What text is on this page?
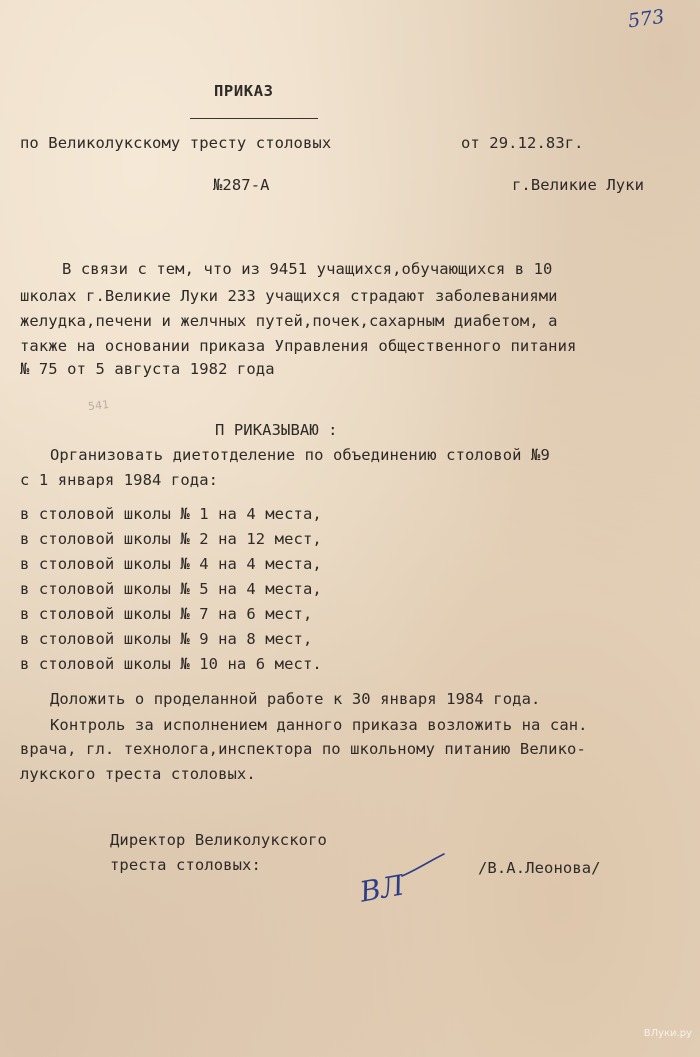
573
ПРИКАЗ
по Великолукскому тресту столовых	от 29.12.83г.
№287-А	г.Великие Луки
В связи с тем, что из 9451 учащихся,обучающихся в 10
школах г.Великие Луки 233 учащихся страдают заболеваниями
желудка,печени и желчных путей,почек,сахарным диабетом, а
также на основании приказа Управления общественного питания
№ 75 от 5 августа 1982 года
541
П РИКАЗЫВАЮ :
Организовать диетотделение по объединению столовой №9
с 1 января 1984 года:
в столовой школы № 1 на 4 места,
в столовой школы № 2 на 12 мест,
в столовой школы № 4 на 4 места,
в столовой школы № 5 на 4 места,
в столовой школы № 7 на 6 мест,
в столовой школы № 9 на 8 мест,
в столовой школы № 10 на 6 мест.
Доложить о проделанной работе к 30 января 1984 года.
Контроль за исполнением данного приказа возложить на сан.
врача, гл. технолога,инспектора по школьному питанию Велико-
лукского треста столовых.
Директор Великолукского
треста столовых:
ВЛ
/В.А.Леонова/
ВЛуки.ру
